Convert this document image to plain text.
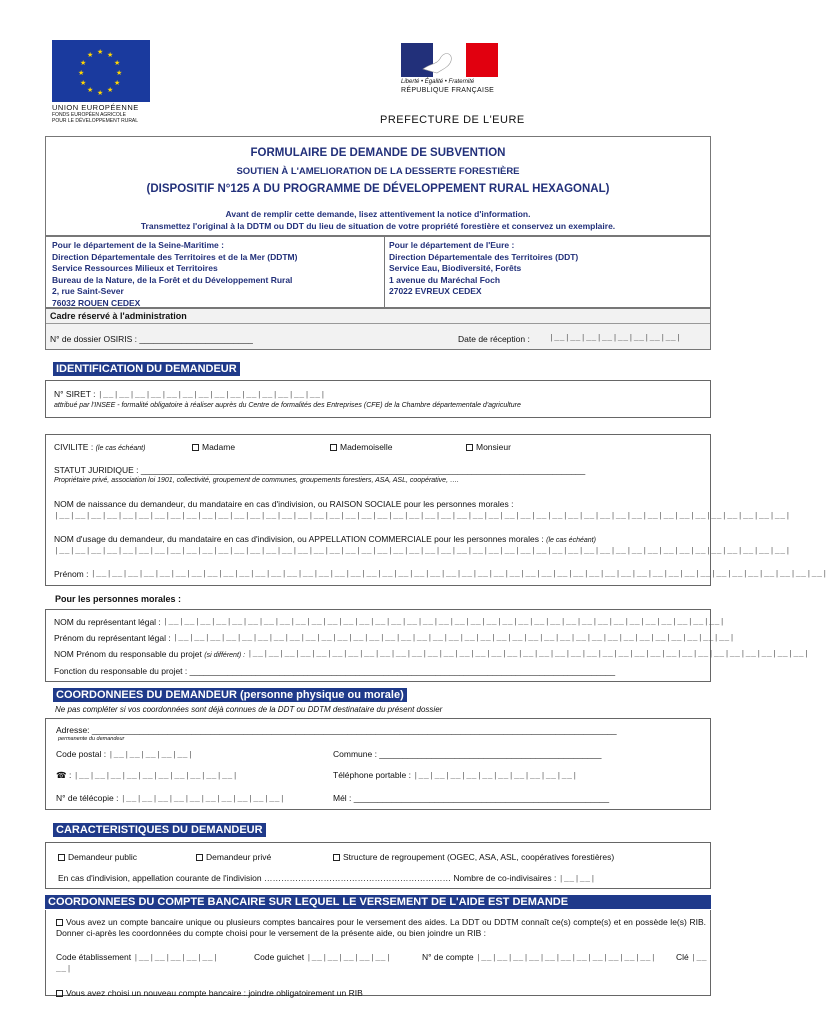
★ ★
★
★
★
★
★
★
★
★
★
★
UNION EUROPÉENNE
FONDS EUROPÉEN AGRICOLE
POUR LE DÉVELOPPEMENT RURAL
Liberté • Égalité • Fraternité
RÉPUBLIQUE FRANÇAISE
PREFECTURE DE L'EURE
FORMULAIRE DE DEMANDE DE SUBVENTION
SOUTIEN À L'AMELIORATION DE LA DESSERTE FORESTIÈRE
(DISPOSITIF N°125 A DU PROGRAMME DE DÉVELOPPEMENT RURAL HEXAGONAL)
Avant de remplir cette demande, lisez attentivement la notice d'information.
Transmettez l'original à la DDTM ou DDT du lieu de situation de votre propriété forestière et conservez un exemplaire.
Pour le département de la Seine-Maritime :
Direction Départementale des Territoires et de la Mer (DDTM)
Service Ressources Milieux et Territoires
Bureau de la Nature, de la Forêt et du Développement Rural
2, rue Saint-Sever
76032 ROUEN CEDEX
Pour le département de l'Eure :
Direction Départementale des Territoires (DDT)
Service Eau, Biodiversité, Forêts
1 avenue du Maréchal Foch
27022 EVREUX CEDEX
Cadre réservé à l'administration
N° de dossier OSIRIS : ________________________	Date de réception : |__|__|__|__|__|__|__|__|
IDENTIFICATION DU DEMANDEUR
N° SIRET : |__|__|__|__|__|__|__|__|__|__|__|__|__|__|
attribué par l'INSEE - formalité obligatoire à réaliser auprès du Centre de formalités des Entreprises (CFE) de la Chambre départementale d'agriculture
CIVILITE : (le cas échéant)	Madame	Mademoiselle	Monsieur
STATUT JURIDIQUE : ______________________________________________________________________________________________
Propriétaire privé, association loi 1901, collectivité, groupement de communes, groupements forestiers, ASA, ASL, coopérative, ….
NOM de naissance du demandeur, du mandataire en cas d'indivision, ou RAISON SOCIALE pour les personnes morales :
|__|__|__|__|__|__|__|__|__|__|__|__|__|__|__|__|__|__|__|__|__|__|__|__|__|__|__|__|__|__|__|__|__|__|__|__|__|__|__|__|__|__|__|__|__|__|
NOM d'usage du demandeur, du mandataire en cas d'indivision, ou APPELLATION COMMERCIALE pour les personnes morales : (le cas échéant)
|__|__|__|__|__|__|__|__|__|__|__|__|__|__|__|__|__|__|__|__|__|__|__|__|__|__|__|__|__|__|__|__|__|__|__|__|__|__|__|__|__|__|__|__|__|__|
Prénom : |__|__|__|__|__|__|__|__|__|__|__|__|__|__|__|__|__|__|__|__|__|__|__|__|__|__|__|__|__|__|__|__|__|__|__|__|__|__|__|__|__|__|__|__|__|__|
Pour les personnes morales :
NOM du représentant légal : |__|__|__|__|__|__|__|__|__|__|__|__|__|__|__|__|__|__|__|__|__|__|__|__|__|__|__|__|__|__|__|__|__|__|__|
Prénom du représentant légal : |__|__|__|__|__|__|__|__|__|__|__|__|__|__|__|__|__|__|__|__|__|__|__|__|__|__|__|__|__|__|__|__|__|__|__|
NOM Prénom du responsable du projet (si différent) : |__|__|__|__|__|__|__|__|__|__|__|__|__|__|__|__|__|__|__|__|__|__|__|__|__|__|__|__|__|__|__|__|__|__|__|
Fonction du responsable du projet : __________________________________________________________________________________________
COORDONNEES DU DEMANDEUR (personne physique ou morale)
Ne pas compléter si vos coordonnées sont déjà connues de la DDT ou DDTM destinataire du présent dossier
Adresse: _______________________________________________________________________________________________________________
permanente du demandeur
Code postal : |__|__|__|__|__|	Commune : _______________________________________________
☎ : |__|__|__|__|__|__|__|__|__|__|	Téléphone portable : |__|__|__|__|__|__|__|__|__|__|
N° de télécopie : |__|__|__|__|__|__|__|__|__|__|	Mél : ______________________________________________________
CARACTERISTIQUES DU DEMANDEUR
Demandeur public	Demandeur privé	Structure de regroupement (OGEC, ASA, ASL, coopératives forestières)
En cas d'indivision, appellation courante de l'indivision ………………………………………………………… Nombre de co-indivisaires : |__|__|
COORDONNEES DU COMPTE BANCAIRE SUR LEQUEL LE VERSEMENT DE L'AIDE EST DEMANDE
Vous avez un compte bancaire unique ou plusieurs comptes bancaires pour le versement des aides. La DDT ou DDTM connaît ce(s) compte(s) et en possède le(s) RIB. Donner ci-après les coordonnées du compte choisi pour le versement de la présente aide, ou bien joindre un RIB :
Code établissement |__|__|__|__|__|	Code guichet |__|__|__|__|__|	N° de compte |__|__|__|__|__|__|__|__|__|__|__| Clé |__
__|
Vous avez choisi un nouveau compte bancaire : joindre obligatoirement un RIB
